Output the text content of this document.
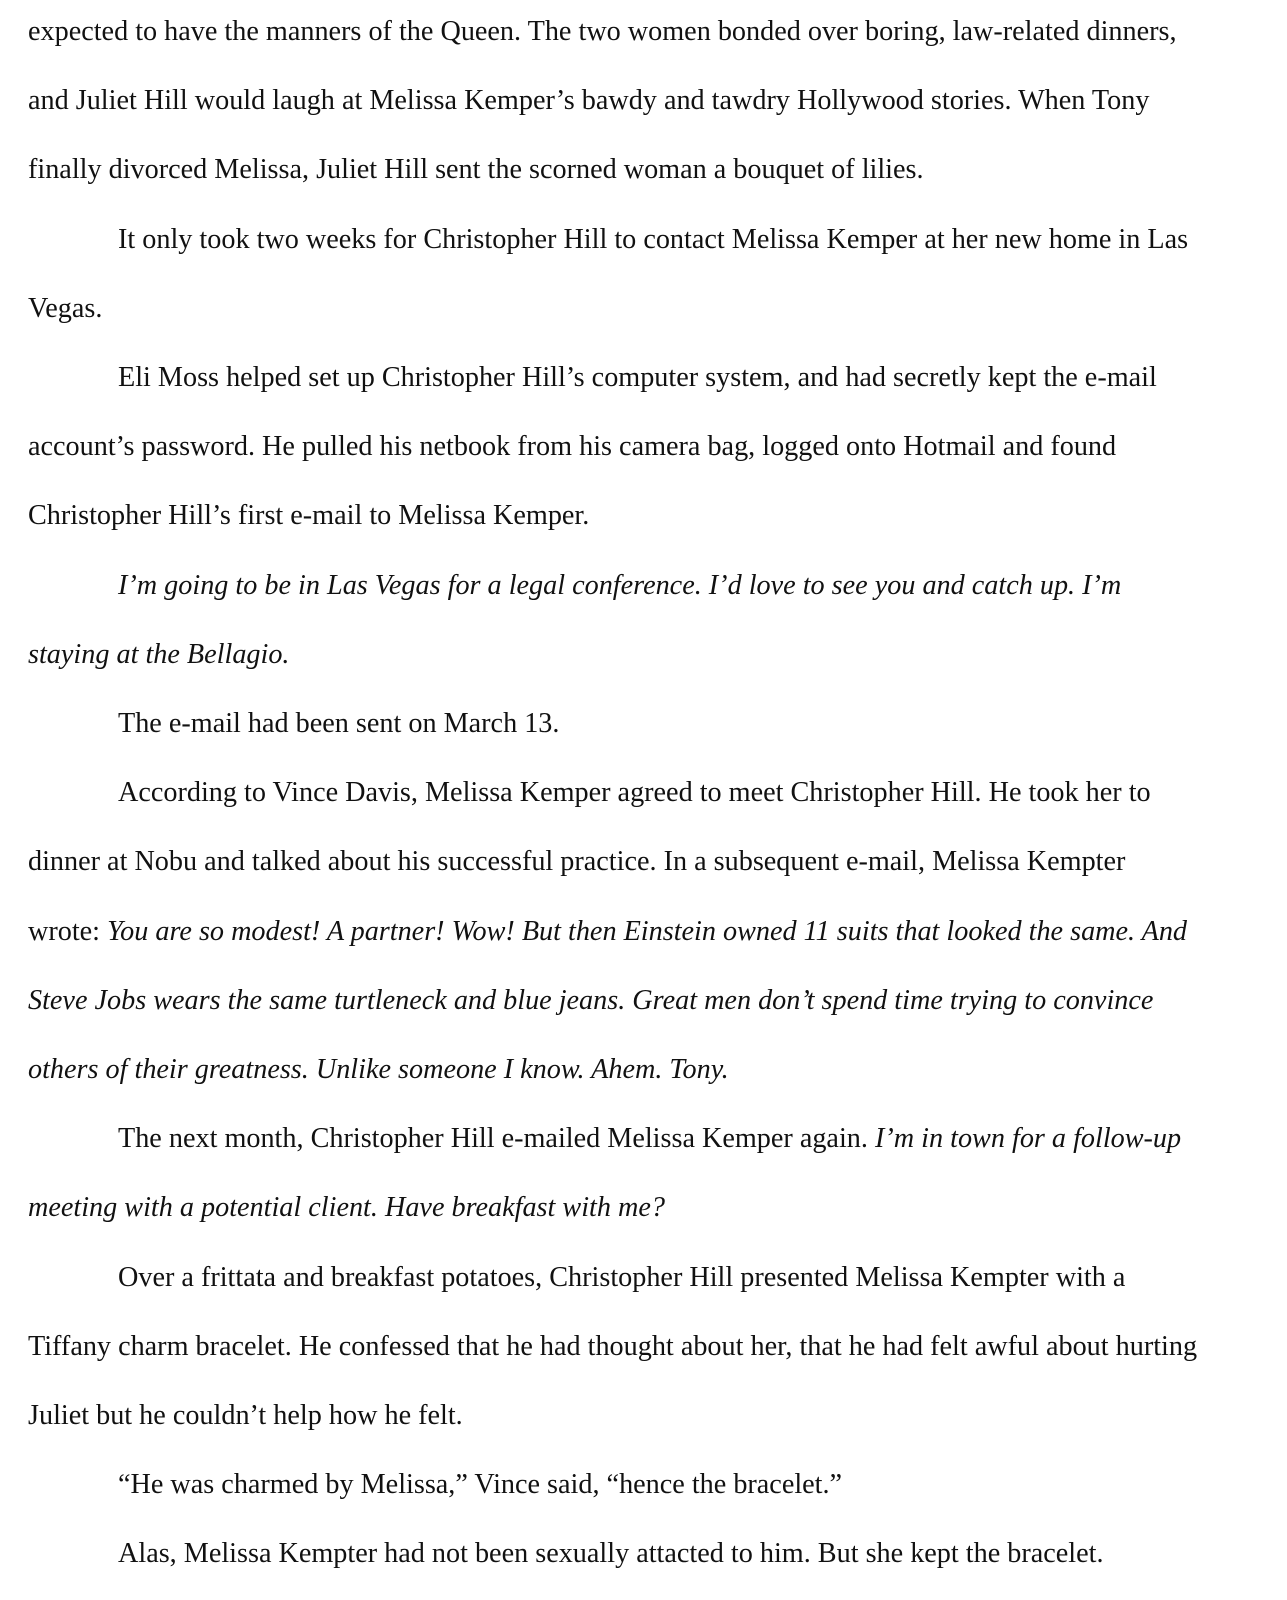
expected to have the manners of the Queen. The two women bonded over boring, law-related dinners, and Juliet Hill would laugh at Melissa Kemper’s bawdy and tawdry Hollywood stories. When Tony finally divorced Melissa, Juliet Hill sent the scorned woman a bouquet of lilies.

It only took two weeks for Christopher Hill to contact Melissa Kemper at her new home in Las Vegas.

Eli Moss helped set up Christopher Hill’s computer system, and had secretly kept the e-mail account’s password. He pulled his netbook from his camera bag, logged onto Hotmail and found Christopher Hill’s first e-mail to Melissa Kemper.

I’m going to be in Las Vegas for a legal conference. I’d love to see you and catch up. I’m staying at the Bellagio.

The e-mail had been sent on March 13.

According to Vince Davis, Melissa Kemper agreed to meet Christopher Hill. He took her to dinner at Nobu and talked about his successful practice. In a subsequent e-mail, Melissa Kempter wrote: You are so modest! A partner! Wow! But then Einstein owned 11 suits that looked the same. And Steve Jobs wears the same turtleneck and blue jeans. Great men don’t spend time trying to convince others of their greatness. Unlike someone I know. Ahem. Tony.

The next month, Christopher Hill e-mailed Melissa Kemper again. I’m in town for a follow-up meeting with a potential client. Have breakfast with me?

Over a frittata and breakfast potatoes, Christopher Hill presented Melissa Kempter with a Tiffany charm bracelet. He confessed that he had thought about her, that he had felt awful about hurting Juliet but he couldn’t help how he felt.

“He was charmed by Melissa,” Vince said, “hence the bracelet.”

Alas, Melissa Kempter had not been sexually attacted to him. But she kept the bracelet.
